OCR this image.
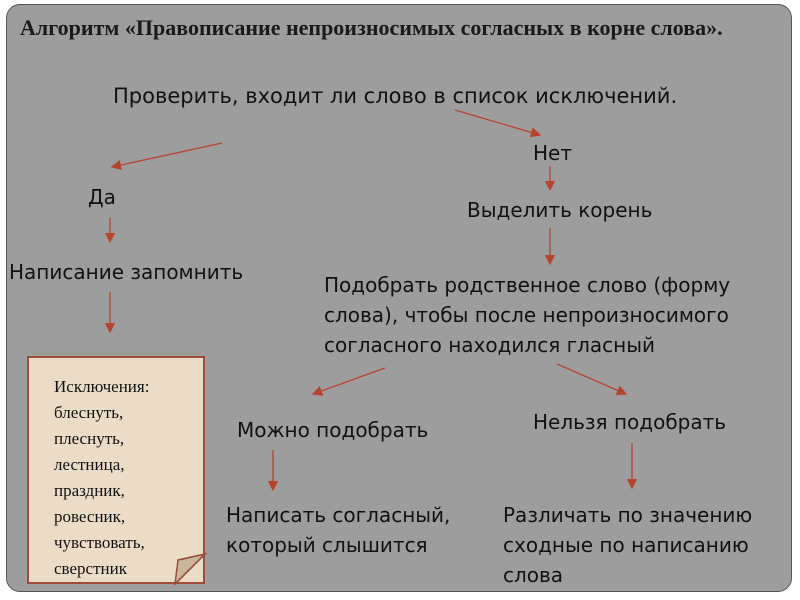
Алгоритм «Правописание непроизносимых согласных в корне слова».
Проверить, входит ли слово в список исключений.
Нет
Да
Выделить корень
Написание запомнить
Подобрать родственное слово (форму слова), чтобы после непроизносимого согласного находился гласный
Можно подобрать	Нельзя подобрать
Написать согласный, который слышится
Различать по значению сходные по написанию слова
Исключения:
блеснуть,
плеснуть,
лестница,
праздник,
ровесник,
чувствовать,
сверстник
